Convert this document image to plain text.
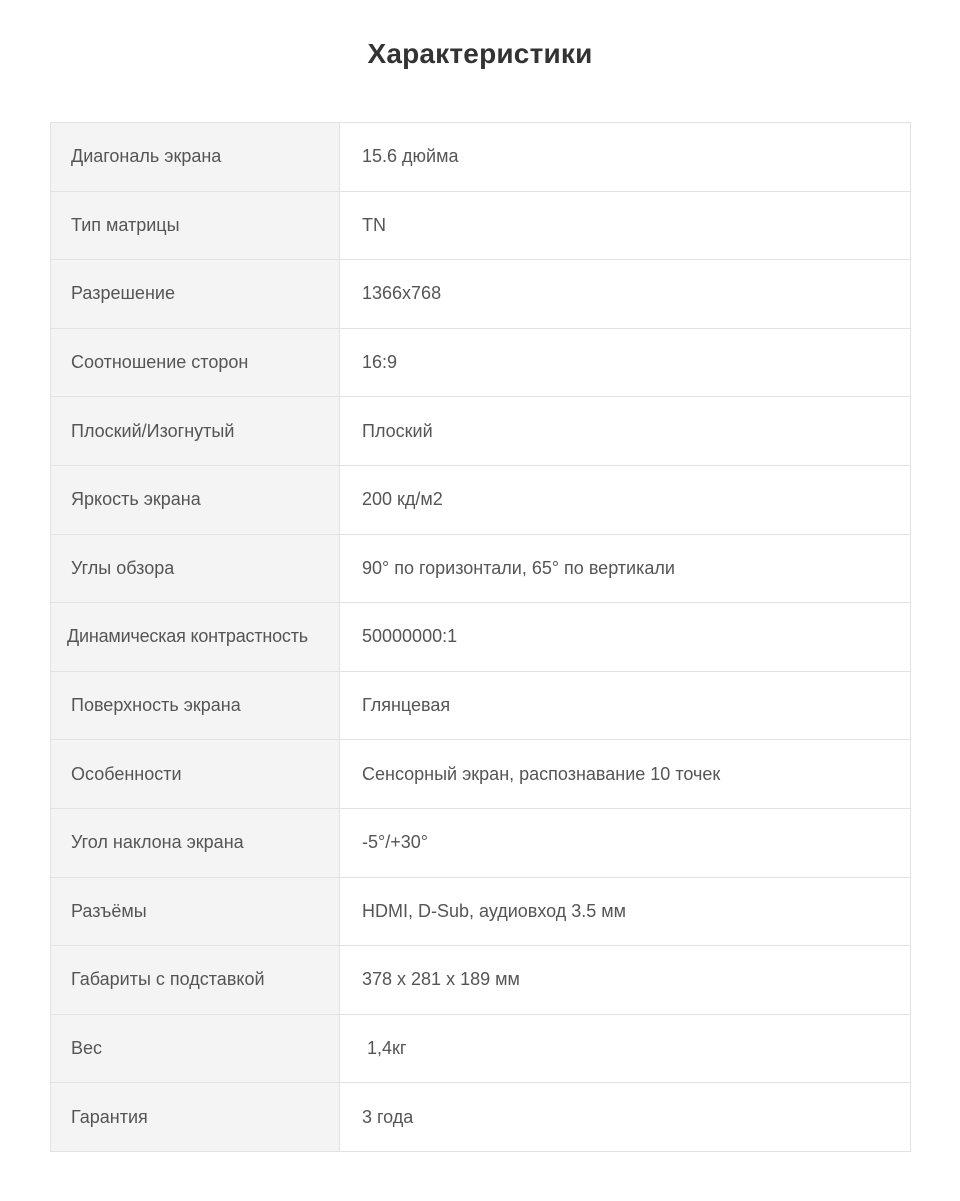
Характеристики
Диагональ экрана	15.6 дюйма
Тип матрицы	TN
Разрешение	1366x768
Соотношение сторон	16:9
Плоский/Изогнутый	Плоский
Яркость экрана	200 кд/м2
Углы обзора	90° по горизонтали, 65° по вертикали
Динамическая контрастность	50000000:1
Поверхность экрана	Глянцевая
Особенности	Сенсорный экран, распознавание 10 точек
Угол наклона экрана	-5°/+30°
Разъёмы	HDMI, D-Sub, аудиовход 3.5 мм
Габариты с подставкой	378 x 281 x 189 мм
Вес	1,4кг
Гарантия	3 года
